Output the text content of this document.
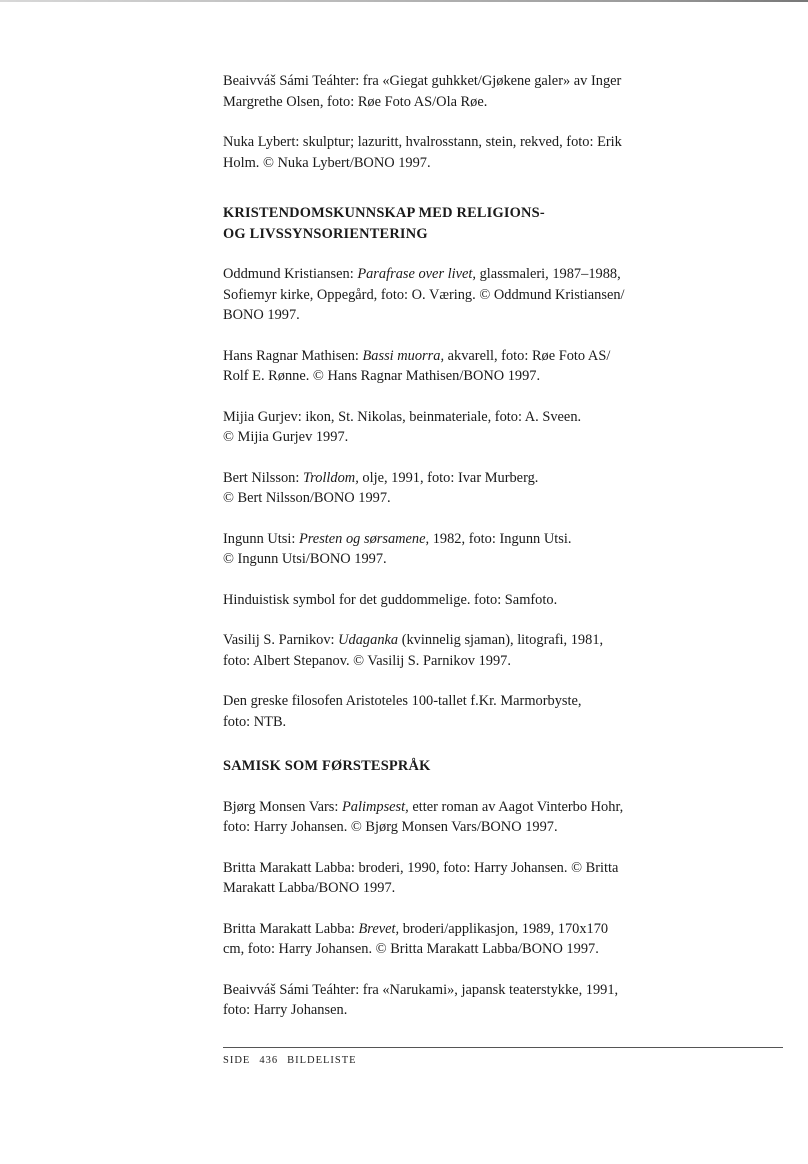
Beaivváš Sámi Teáhter: fra «Giegat guhkket/Gjøkene galer» av Inger
Margrethe Olsen, foto: Røe Foto AS/Ola Røe.

Nuka Lybert: skulptur; lazuritt, hvalrosstann, stein, rekved, foto: Erik
Holm. © Nuka Lybert/BONO 1997.

KRISTENDOMSKUNNSKAP MED RELIGIONS-
OG LIVSSYNSORIENTERING

Oddmund Kristiansen: Parafrase over livet, glassmaleri, 1987–1988,
Sofiemyr kirke, Oppegård, foto: O. Væring. © Oddmund Kristiansen/
BONO 1997.

Hans Ragnar Mathisen: Bassi muorra, akvarell, foto: Røe Foto AS/
Rolf E. Rønne. © Hans Ragnar Mathisen/BONO 1997.

Mijia Gurjev: ikon, St. Nikolas, beinmateriale, foto: A. Sveen.
© Mijia Gurjev 1997.

Bert Nilsson: Trolldom, olje, 1991, foto: Ivar Murberg.
© Bert Nilsson/BONO 1997.

Ingunn Utsi: Presten og sørsamene, 1982, foto: Ingunn Utsi.
© Ingunn Utsi/BONO 1997.

Hinduistisk symbol for det guddommelige. foto: Samfoto.

Vasilij S. Parnikov: Udaganka (kvinnelig sjaman), litografi, 1981,
foto: Albert Stepanov. © Vasilij S. Parnikov 1997.

Den greske filosofen Aristoteles 100-tallet f.Kr. Marmorbyste,
foto: NTB.

SAMISK SOM FØRSTESPRÅK

Bjørg Monsen Vars: Palimpsest, etter roman av Aagot Vinterbo Hohr,
foto: Harry Johansen. © Bjørg Monsen Vars/BONO 1997.

Britta Marakatt Labba: broderi, 1990, foto: Harry Johansen. © Britta
Marakatt Labba/BONO 1997.

Britta Marakatt Labba: Brevet, broderi/applikasjon, 1989, 170x170
cm, foto: Harry Johansen. © Britta Marakatt Labba/BONO 1997.

Beaivváš Sámi Teáhter: fra «Narukami», japansk teaterstykke, 1991,
foto: Harry Johansen.

SIDE 436 BILDELISTE
